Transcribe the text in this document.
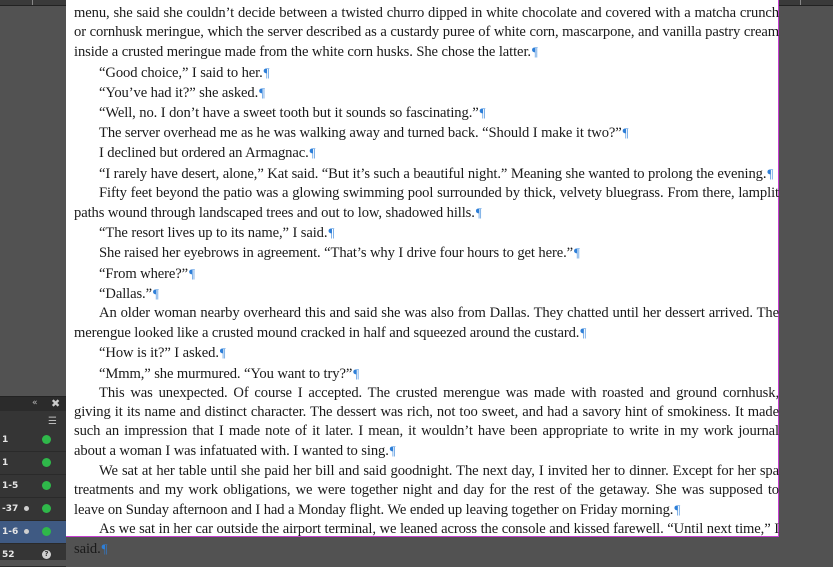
menu, she said she couldn’t decide between a twisted churro dipped in white chocolate and covered with a matcha crunch or cornhusk meringue, which the server described as a custardy puree of white corn, mascarpone, and vanilla pastry cream inside a crusted meringue made from the white corn husks. She chose the latter.¶

“Good choice,” I said to her.¶

“You’ve had it?” she asked.¶

“Well, no. I don’t have a sweet tooth but it sounds so fascinating.”¶

The server overhead me as he was walking away and turned back. “Should I make it two?”¶

I declined but ordered an Armagnac.¶

“I rarely have desert, alone,” Kat said. “But it’s such a beautiful night.” Meaning she wanted to prolong the evening.¶

Fifty feet beyond the patio was a glowing swimming pool surrounded by thick, velvety bluegrass. From there, lamplit paths wound through landscaped trees and out to low, shadowed hills.¶

“The resort lives up to its name,” I said.¶

She raised her eyebrows in agreement. “That’s why I drive four hours to get here.”¶

“From where?”¶

“Dallas.”¶

An older woman nearby overheard this and said she was also from Dallas. They chatted until her dessert arrived. The merengue looked like a crusted mound cracked in half and squeezed around the custard.¶

“How is it?” I asked.¶

“Mmm,” she murmured. “You want to try?”¶

This was unexpected. Of course I accepted. The crusted merengue was made with roasted and ground cornhusk, giving it its name and distinct character. The dessert was rich, not too sweet, and had a savory hint of smokiness. It made such an impression that I made note of it later. I mean, it wouldn’t have been appropriate to write in my work journal about a woman I was infatuated with. I wanted to sing.¶

We sat at her table until she paid her bill and said goodnight. The next day, I invited her to dinner. Except for her spa treatments and my work obligations, we were together night and day for the rest of the getaway. She was supposed to leave on Sunday afternoon and I had a Monday flight. We ended up leaving together on Friday morning.¶

As we sat in her car outside the airport terminal, we leaned across the console and kissed farewell. “Until next time,” I said.¶

« ✖
☰
1
1
1-5
-37
1-6
52	?
